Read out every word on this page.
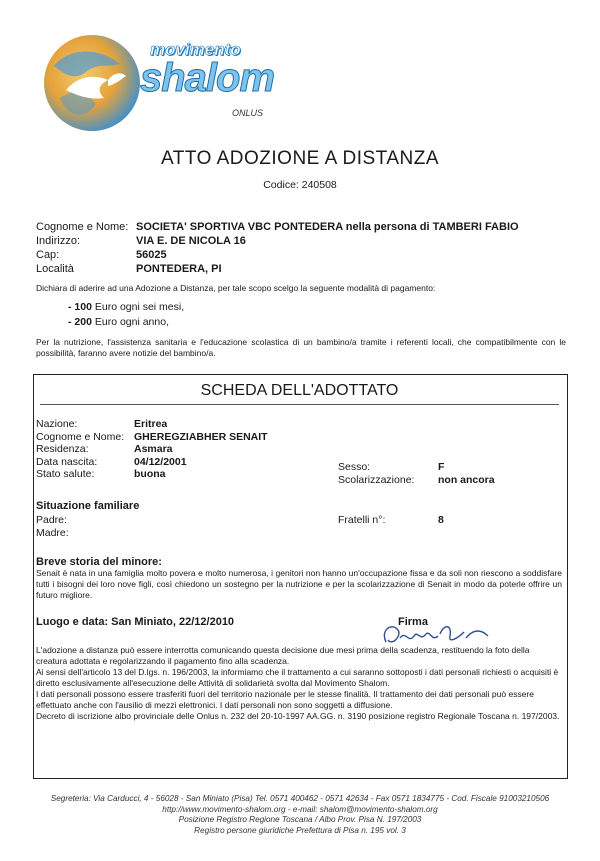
movimento
shalom
ONLUS
ATTO ADOZIONE A DISTANZA
Codice: 240508
Cognome e Nome: SOCIETA' SPORTIVA VBC PONTEDERA nella persona di TAMBERI FABIO
Indirizzo:	VIA E. DE NICOLA 16
Cap:	56025
Località	PONTEDERA, PI
Dichiara di aderire ad una Adozione a Distanza, per tale scopo scelgo la seguente modalità di pagamento:
- 100 Euro ogni sei mesi,
- 200 Euro ogni anno,
Per la nutrizione, l'assistenza sanitaria e l'educazione scolastica di un bambino/a tramite i referenti locali, che compatibilmente con le possibilità, faranno avere notizie del bambino/a.
SCHEDA DELL'ADOTTATO
Nazione:	Eritrea
Cognome e Nome: GHEREGZIABHER SENAIT
Residenza:	Asmara
Data nascita:	04/12/2001
Stato salute:	buona
Sesso:	F
Scolarizzazione: non ancora
Situazione familiare
Padre:
Madre:
Fratelli n°:	8
Breve storia del minore:
Senait è nata in una famiglia molto povera e molto numerosa, i genitori non hanno un'occupazione fissa e da soli non riescono a soddisfare tutti i bisogni dei loro nove figli, così chiedono un sostegno per la nutrizione e per la scolarizzazione di Senait in modo da poterle offrire un futuro migliore.
Luogo e data: San Miniato, 22/12/2010	Firma
L'adozione a distanza può essere interrotta comunicando questa decisione due mesi prima della scadenza, restituendo la foto della creatura adottata e regolarizzando il pagamento fino alla scadenza.
Ai sensi dell'articolo 13 del D.lgs. n. 196/2003, la informiamo che il trattamento a cui saranno sottoposti i dati personali richiesti o acquisiti è diretto esclusivamente all'esecuzione delle Attività di solidarietà svolta dal Movimento Shalom.
I dati personali possono essere trasferiti fuori del territorio nazionale per le stesse finalità. Il trattamento dei dati personali può essere effettuato anche con l'ausilio di mezzi elettronici. I dati personali non sono soggetti a diffusione.
Decreto di iscrizione albo provinciale delle Onlus n. 232 del 20-10-1997 AA.GG. n. 3190 posizione registro Regionale Toscana n. 197/2003.
Segreteria: Via Carducci, 4 - 56028 - San Miniato (Pisa) Tel. 0571 400462 - 0571 42634 - Fax 0571 1834775 - Cod. Fiscale 91003210506
http://www.movimento-shalom.org - e-mail: shalom@movimento-shalom.org
Posizione Registro Regione Toscana / Albo Prov. Pisa N. 197/2003
Registro persone giuridiche Prefettura di Pisa n. 195 vol. 3
